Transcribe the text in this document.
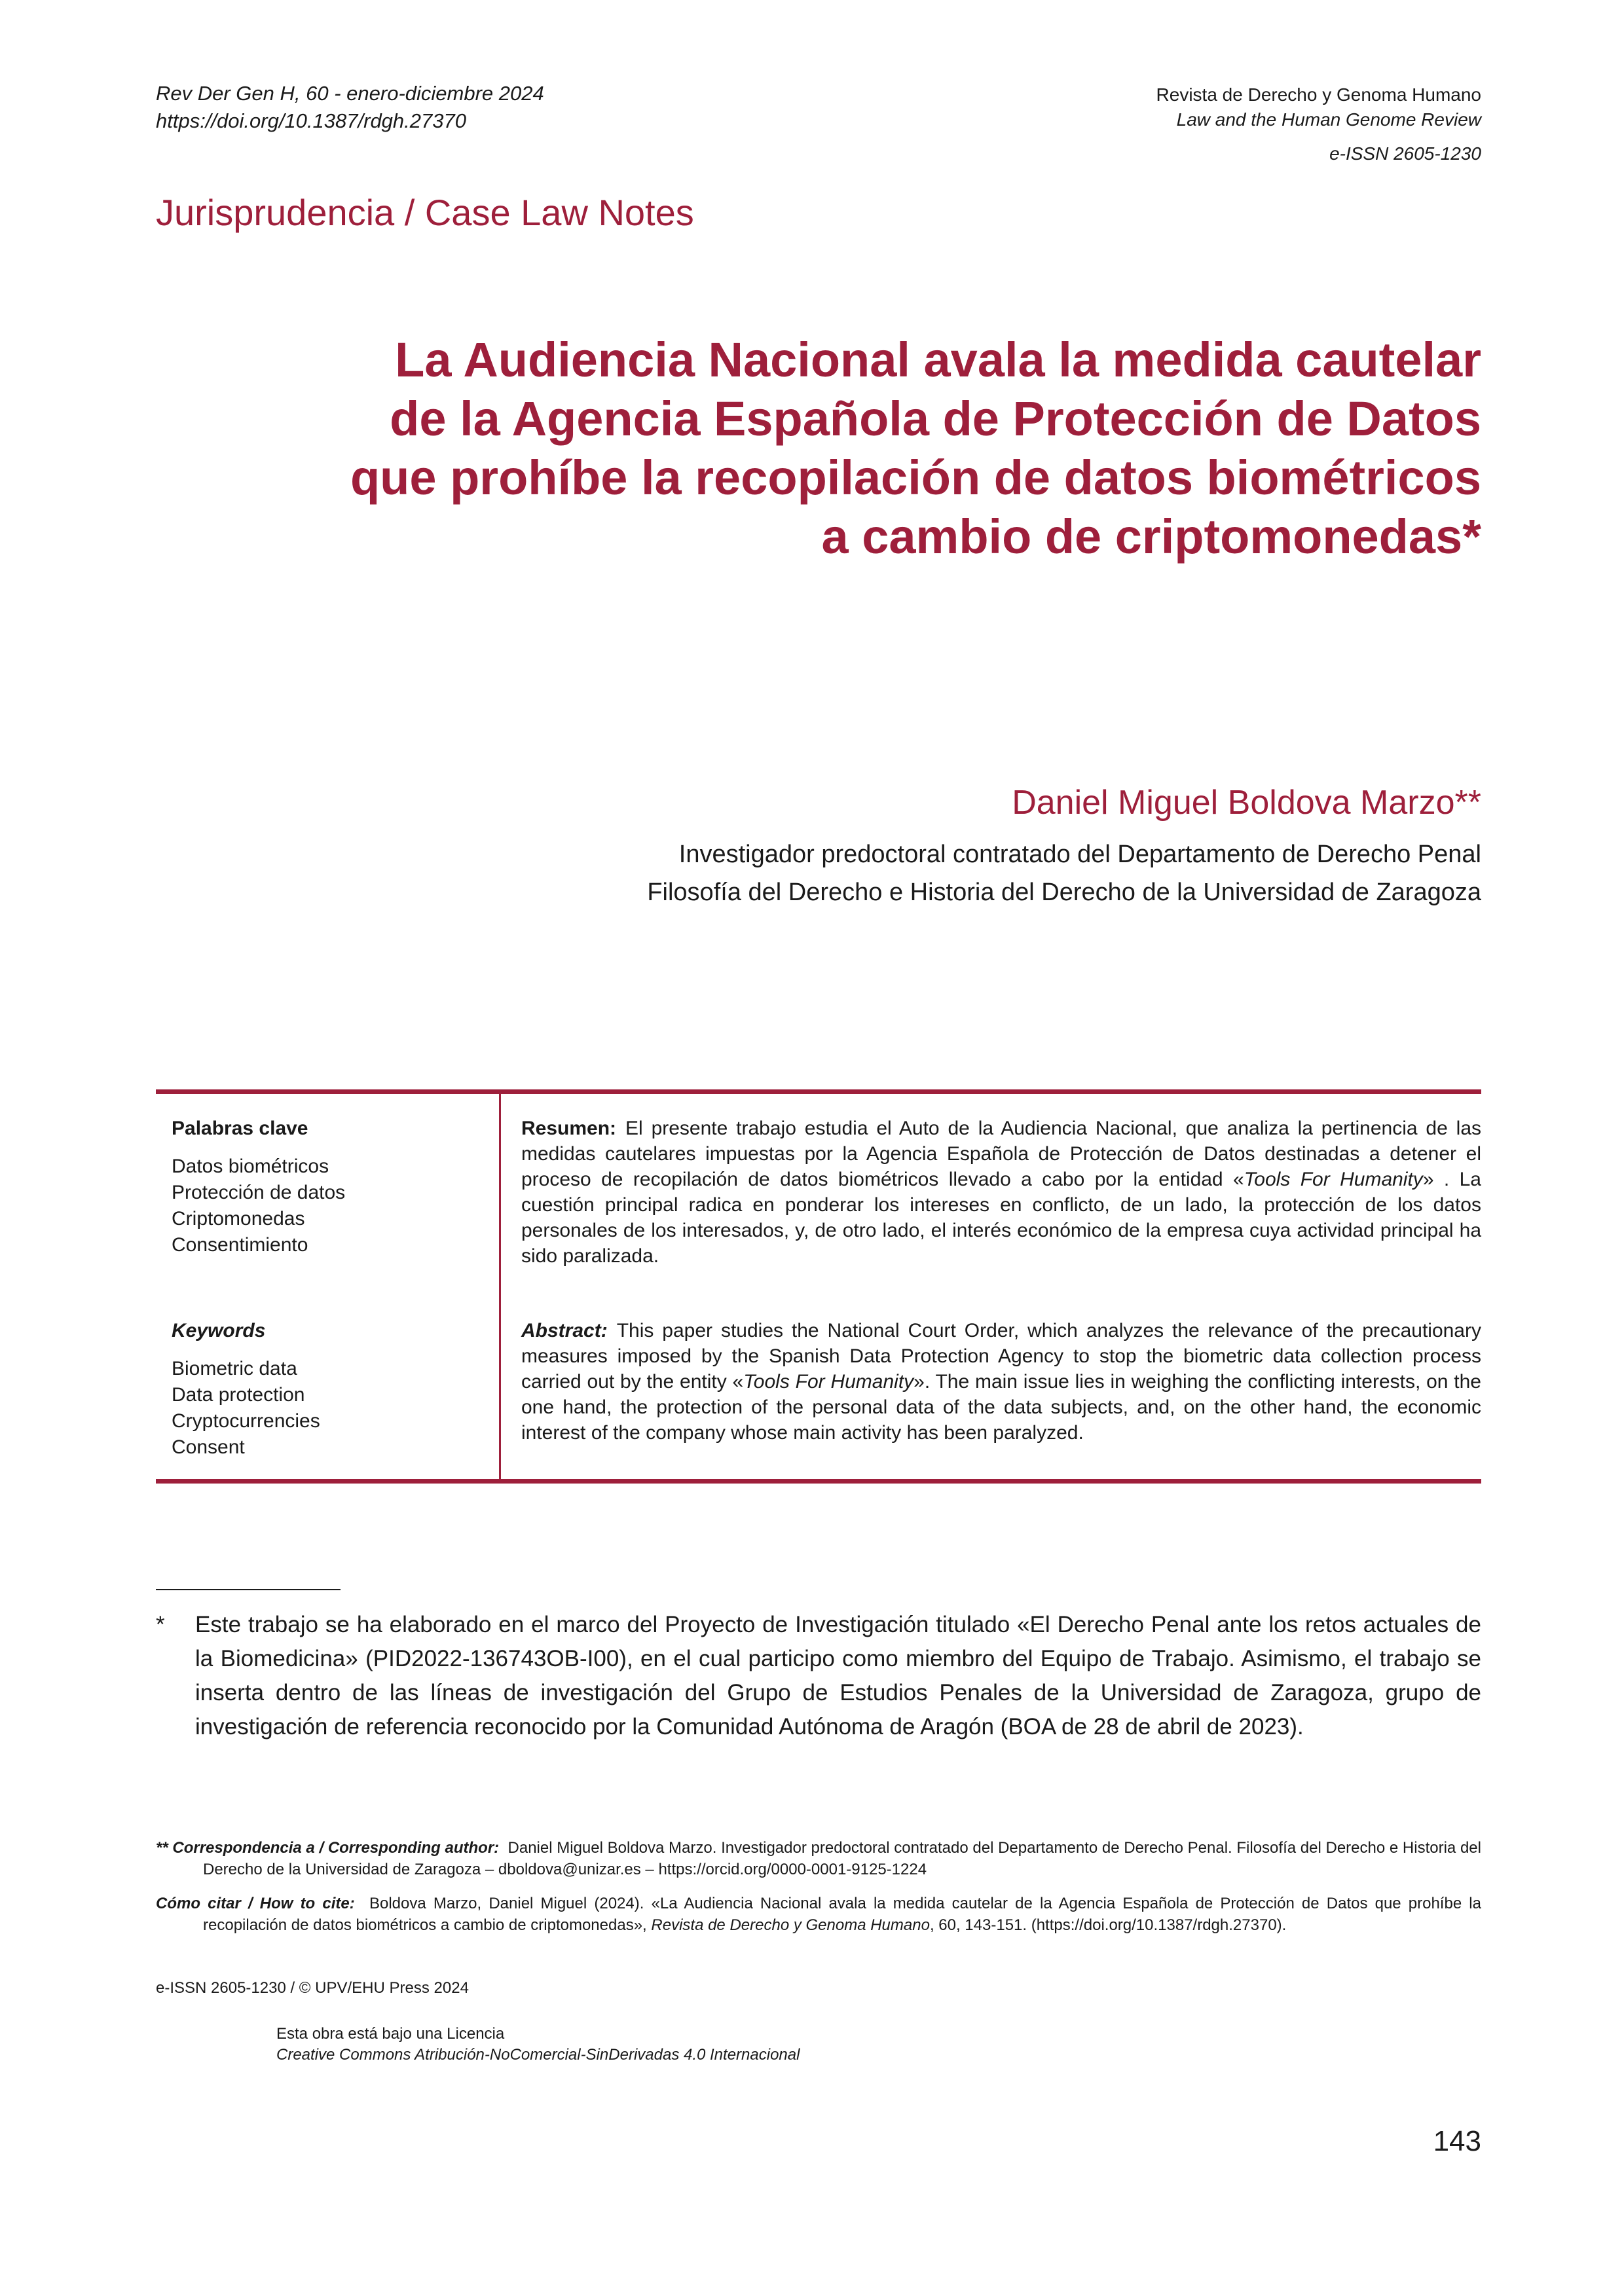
Rev Der Gen H, 60 - enero-diciembre 2024
https://doi.org/10.1387/rdgh.27370
Revista de Derecho y Genoma Humano
Law and the Human Genome Review
e-ISSN 2605-1230
Jurisprudencia / Case Law Notes
La Audiencia Nacional avala la medida cautelar
de la Agencia Española de Protección de Datos
que prohíbe la recopilación de datos biométricos
a cambio de criptomonedas*
Daniel Miguel Boldova Marzo**
Investigador predoctoral contratado del Departamento de Derecho Penal
Filosofía del Derecho e Historia del Derecho de la Universidad de Zaragoza
Palabras clave
Datos biométricos
Protección de datos
Criptomonedas
Consentimiento
Resumen: El presente trabajo estudia el Auto de la Audiencia Nacional, que analiza la pertinencia de las medidas cautelares impuestas por la Agencia Española de Protección de Datos destinadas a detener el proceso de recopilación de datos biométricos llevado a cabo por la entidad «Tools For Humanity» . La cuestión principal radica en ponderar los intereses en conflicto, de un lado, la protección de los datos personales de los interesados, y, de otro lado, el interés económico de la empresa cuya actividad principal ha sido paralizada.
Keywords
Biometric data
Data protection
Cryptocurrencies
Consent
Abstract: This paper studies the National Court Order, which analyzes the relevance of the precautionary measures imposed by the Spanish Data Protection Agency to stop the biometric data collection process carried out by the entity «Tools For Humanity». The main issue lies in weighing the conflicting interests, on the one hand, the protection of the personal data of the data subjects, and, on the other hand, the economic interest of the company whose main activity has been paralyzed.
* Este trabajo se ha elaborado en el marco del Proyecto de Investigación titulado «El Derecho Penal ante los retos actuales de la Biomedicina» (PID2022-136743OB-I00), en el cual participo como miembro del Equipo de Trabajo. Asimismo, el trabajo se inserta dentro de las líneas de investigación del Grupo de Estudios Penales de la Universidad de Zaragoza, grupo de investigación de referencia reconocido por la Comunidad Autónoma de Aragón (BOA de 28 de abril de 2023).
** Correspondencia a / Corresponding author: Daniel Miguel Boldova Marzo. Investigador predoctoral contratado del Departamento de Derecho Penal. Filosofía del Derecho e Historia del Derecho de la Universidad de Zaragoza – dboldova@unizar.es – https://orcid.org/0000-0001-9125-1224
Cómo citar / How to cite: Boldova Marzo, Daniel Miguel (2024). «La Audiencia Nacional avala la medida cautelar de la Agencia Española de Protección de Datos que prohíbe la recopilación de datos biométricos a cambio de criptomonedas», Revista de Derecho y Genoma Humano, 60, 143-151. (https://doi.org/10.1387/rdgh.27370).
e-ISSN 2605-1230 / © UPV/EHU Press 2024
Esta obra está bajo una Licencia
Creative Commons Atribución-NoComercial-SinDerivadas 4.0 Internacional
143
